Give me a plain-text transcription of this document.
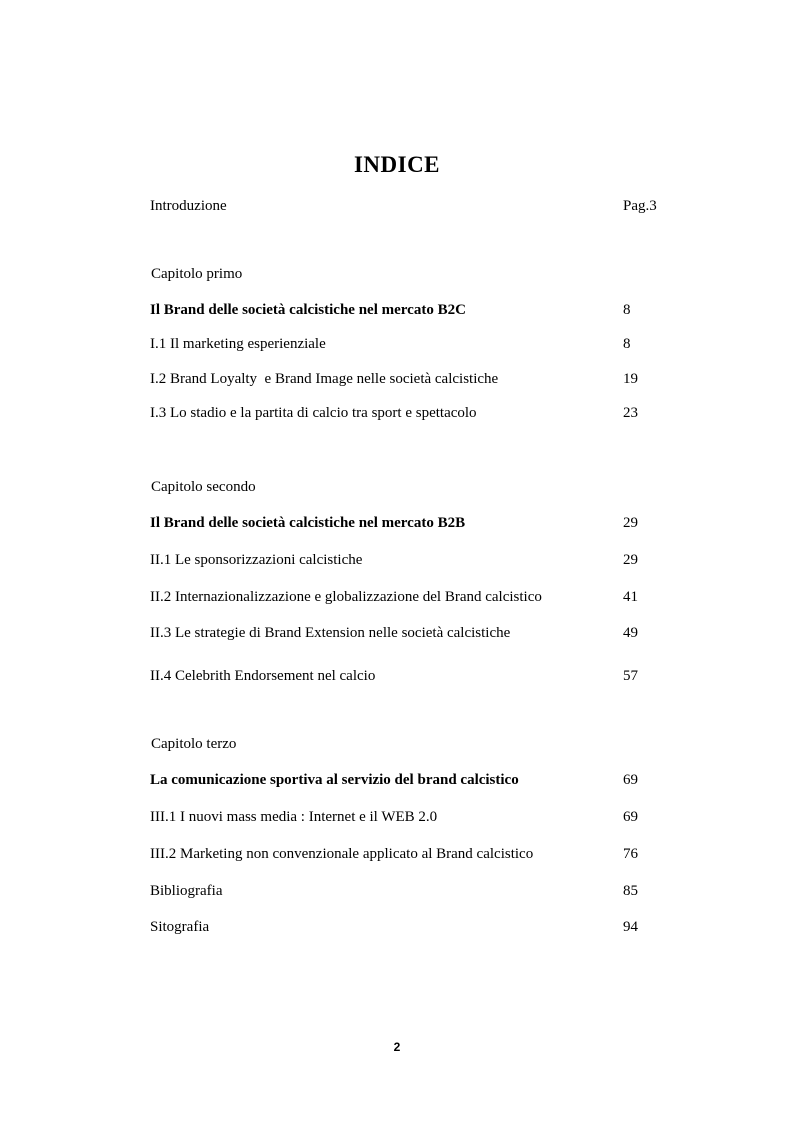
INDICE
Introduzione	Pag.3
Capitolo primo
Il Brand delle società calcistiche nel mercato B2C	8
I.1 Il marketing esperienziale	8
I.2 Brand Loyalty  e Brand Image nelle società calcistiche	19
I.3 Lo stadio e la partita di calcio tra sport e spettacolo	23
Capitolo secondo
Il Brand delle società calcistiche nel mercato B2B	29
II.1 Le sponsorizzazioni calcistiche	29
II.2 Internazionalizzazione e globalizzazione del Brand calcistico	41
II.3 Le strategie di Brand Extension nelle società calcistiche	49
II.4 Celebrith Endorsement nel calcio	57
Capitolo terzo
La comunicazione sportiva al servizio del brand calcistico	69
III.1 I nuovi mass media : Internet e il WEB 2.0	69
III.2 Marketing non convenzionale applicato al Brand calcistico	76
Bibliografia	85
Sitografia	94
2
